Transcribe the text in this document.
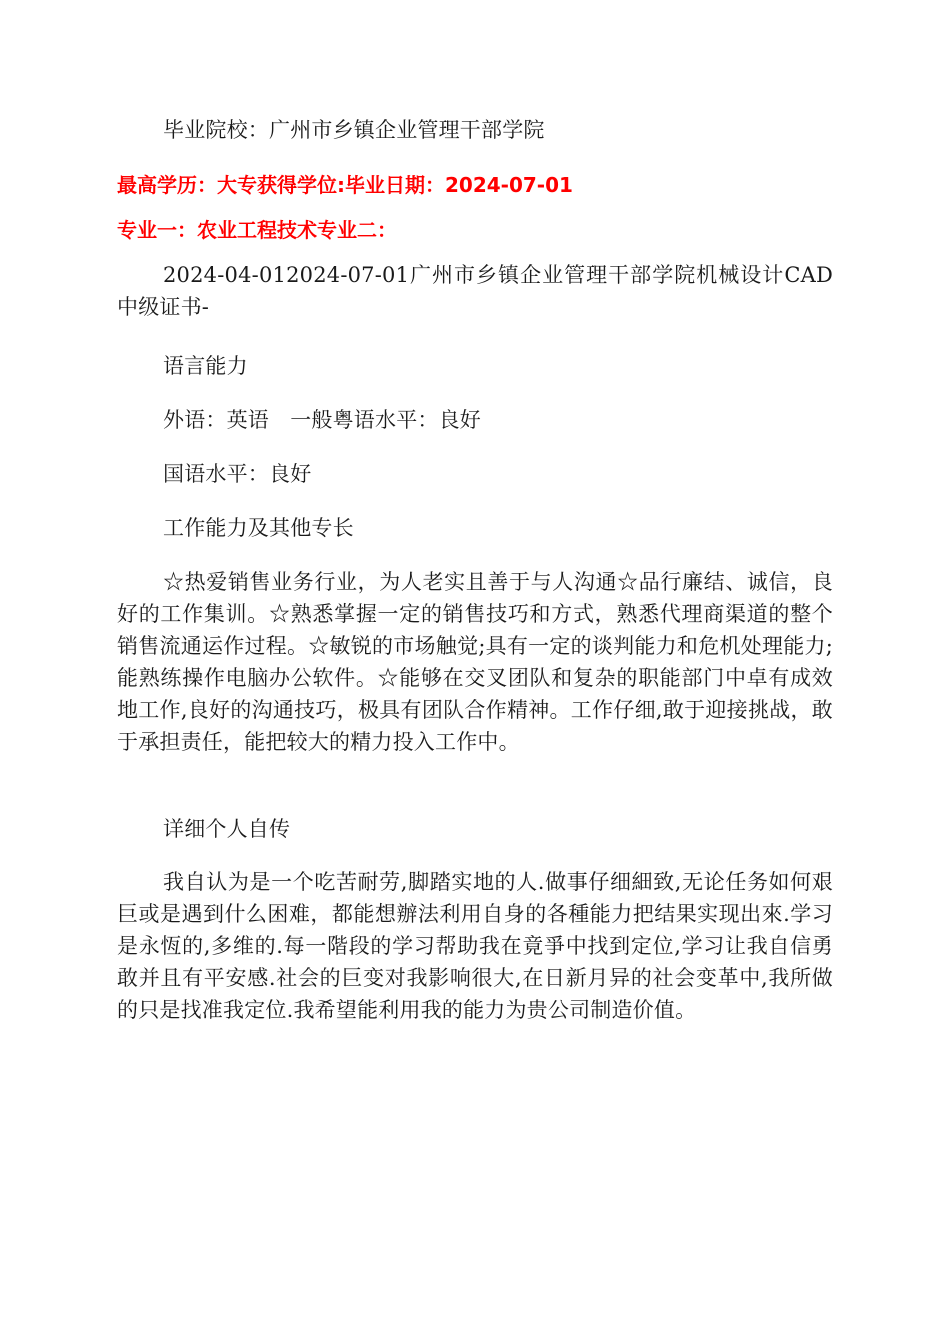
毕业院校：广州市乡镇企业管理干部学院

最高学历：大专获得学位:毕业日期：2024-07-01

专业一：农业工程技术专业二：

2024-04-012024-07-01广州市乡镇企业管理干部学院机械设计CAD中级证书-

语言能力

外语：英语　一般粤语水平：良好

国语水平：良好

工作能力及其他专长

☆热爱销售业务行业，为人老实且善于与人沟通☆品行廉结、诚信，良好的工作集训。☆熟悉掌握一定的销售技巧和方式，熟悉代理商渠道的整个销售流通运作过程。☆敏锐的市场触觉;具有一定的谈判能力和危机处理能力;能熟练操作电脑办公软件。☆能够在交叉团队和复杂的职能部门中卓有成效地工作,良好的沟通技巧，极具有团队合作精神。工作仔细,敢于迎接挑战，敢于承担责任，能把较大的精力投入工作中。

详细个人自传

我自认为是一个吃苦耐劳,脚踏实地的人.做事仔细細致,无论任务如何艰巨或是遇到什么困难，都能想辦法利用自身的各種能力把结果实现出來.学习是永恆的,多维的.每一階段的学习帮助我在竟爭中找到定位,学习让我自信勇敢并且有平安感.社会的巨变对我影响很大,在日新月异的社会变革中,我所做的只是找准我定位.我希望能利用我的能力为贵公司制造价值。
